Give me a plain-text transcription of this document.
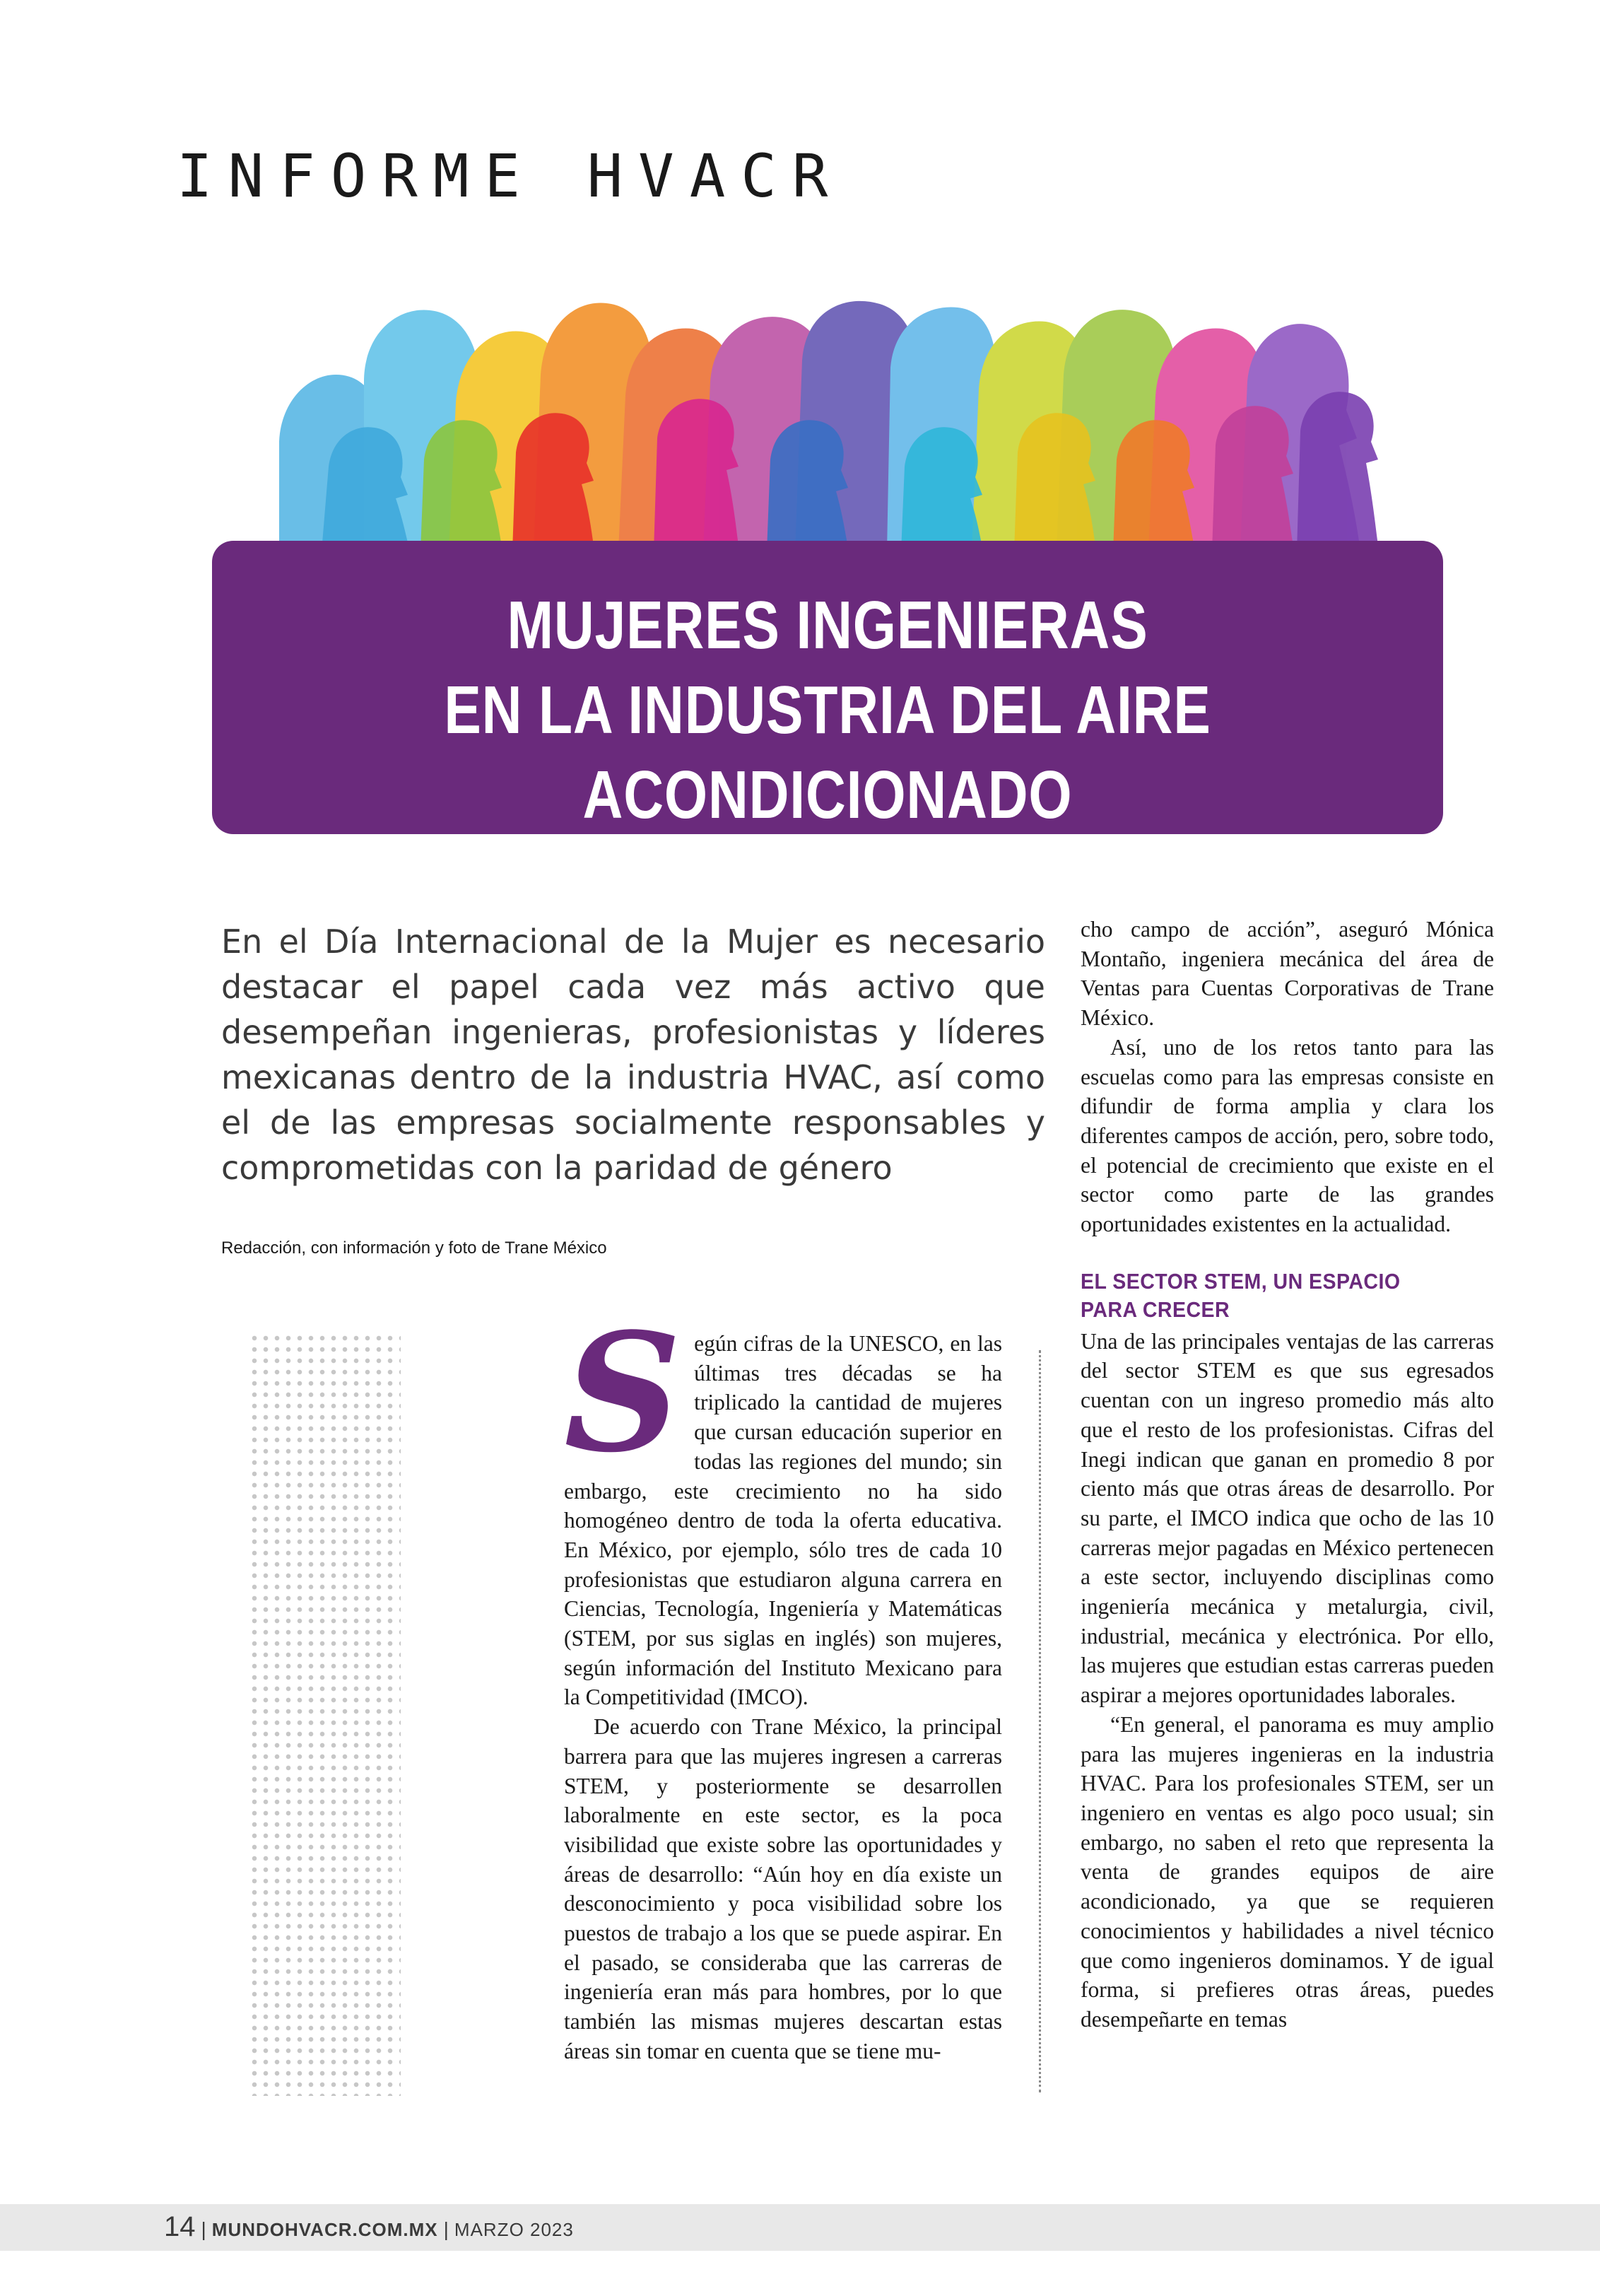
INFORME HVACR
MUJERES INGENIERAS
EN LA INDUSTRIA DEL AIRE ACONDICIONADO
En el Día Internacional de la Mujer es necesario destacar el papel cada vez más activo que desempeñan ingenieras, profesionistas y líderes mexicanas dentro de la industria HVAC, así como el de las empresas socialmente responsables y comprometidas con la paridad de género
Redacción, con información y foto de Trane México
S egún cifras de la UNESCO, en las últimas tres décadas se ha triplicado la cantidad de mujeres que cursan educación superior en todas las regiones del mundo; sin embargo, este crecimiento no ha sido homogéneo dentro de toda la oferta educativa. En México, por ejemplo, sólo tres de cada 10 profesionistas que estudiaron alguna carrera en Ciencias, Tecnología, Ingeniería y Matemáticas (STEM, por sus siglas en inglés) son mujeres, según información del Instituto Mexicano para la Competitividad (IMCO).

De acuerdo con Trane México, la principal barrera para que las mujeres ingresen a carreras STEM, y posteriormente se desarrollen laboralmente en este sector, es la poca visibilidad que existe sobre las oportunidades y áreas de desarrollo: “Aún hoy en día existe un desconocimiento y poca visibilidad sobre los puestos de trabajo a los que se puede aspirar. En el pasado, se consideraba que las carreras de ingeniería eran más para hombres, por lo que también las mismas mujeres descartan estas áreas sin tomar en cuenta que se tiene mu-

cho campo de acción”, aseguró Mónica Montaño, ingeniera mecánica del área de Ventas para Cuentas Corporativas de Trane México.

Así, uno de los retos tanto para las escuelas como para las empresas consiste en difundir de forma amplia y clara los diferentes campos de acción, pero, sobre todo, el potencial de crecimiento que existe en el sector como parte de las grandes oportunidades existentes en la actualidad.

EL SECTOR STEM, UN ESPACIO
PARA CRECER

Una de las principales ventajas de las carreras del sector STEM es que sus egresados cuentan con un ingreso promedio más alto que el resto de los profesionistas. Cifras del Inegi indican que ganan en promedio 8 por ciento más que otras áreas de desarrollo. Por su parte, el IMCO indica que ocho de las 10 carreras mejor pagadas en México pertenecen a este sector, incluyendo disciplinas como ingeniería mecánica y metalurgia, civil, industrial, mecánica y electrónica. Por ello, las mujeres que estudian estas carreras pueden aspirar a mejores oportunidades laborales.

“En general, el panorama es muy amplio para las mujeres ingenieras en la industria HVAC. Para los profesionales STEM, ser un ingeniero en ventas es algo poco usual; sin embargo, no saben el reto que representa la venta de grandes equipos de aire acondicionado, ya que se requieren conocimientos y habilidades a nivel técnico que como ingenieros dominamos. Y de igual forma, si prefieres otras áreas, puedes desempeñarte en temas

14 | MUNDOHVACR.COM.MX | MARZO 2023
